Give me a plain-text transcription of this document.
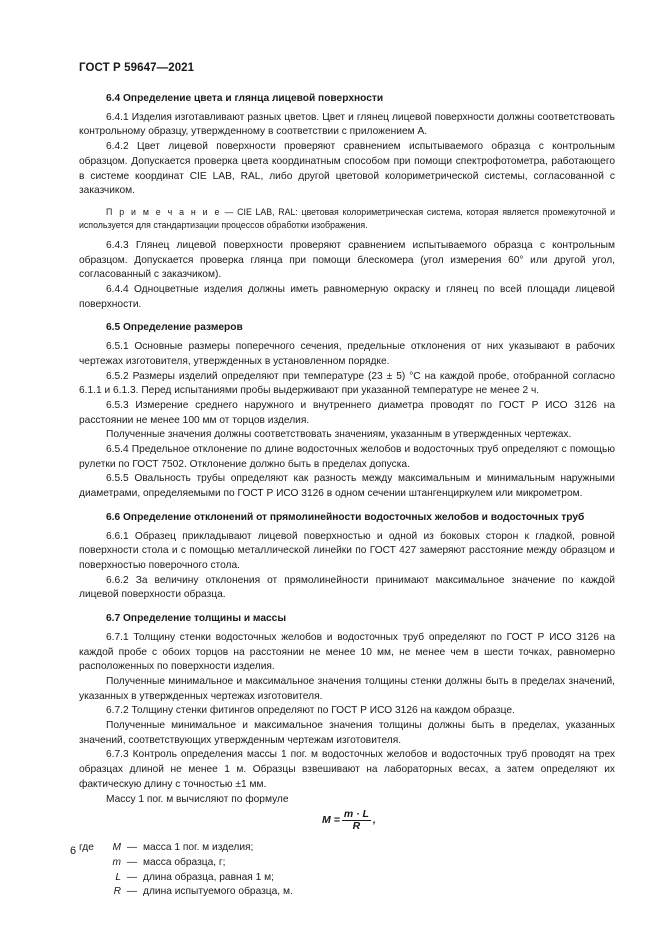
ГОСТ Р 59647—2021

6.4 Определение цвета и глянца лицевой поверхности

6.4.1 Изделия изготавливают разных цветов. Цвет и глянец лицевой поверхности должны соответствовать контрольному образцу, утвержденному в соответствии с приложением А.

6.4.2 Цвет лицевой поверхности проверяют сравнением испытываемого образца с контрольным образцом. Допускается проверка цвета координатным способом при помощи спектрофотометра, работающего в системе координат CIE LAB, RAL, либо другой цветовой колориметрической системы, согласованной с заказчиком.

П р и м е ч а н и е — CIE LAB, RAL: цветовая колориметрическая система, которая является промежуточной и используется для стандартизации процессов обработки изображения.

6.4.3 Глянец лицевой поверхности проверяют сравнением испытываемого образца с контрольным образцом. Допускается проверка глянца при помощи блескомера (угол измерения 60° или другой угол, согласованный с заказчиком).

6.4.4 Одноцветные изделия должны иметь равномерную окраску и глянец по всей площади лицевой поверхности.

6.5 Определение размеров

6.5.1 Основные размеры поперечного сечения, предельные отклонения от них указывают в рабочих чертежах изготовителя, утвержденных в установленном порядке.

6.5.2 Размеры изделий определяют при температуре (23 ± 5) °С на каждой пробе, отобранной согласно 6.1.1 и 6.1.3. Перед испытаниями пробы выдерживают при указанной температуре не менее 2 ч.

6.5.3 Измерение среднего наружного и внутреннего диаметра проводят по ГОСТ Р ИСО 3126 на расстоянии не менее 100 мм от торцов изделия.

Полученные значения должны соответствовать значениям, указанным в утвержденных чертежах.

6.5.4 Предельное отклонение по длине водосточных желобов и водосточных труб определяют с помощью рулетки по ГОСТ 7502. Отклонение должно быть в пределах допуска.

6.5.5 Овальность трубы определяют как разность между максимальным и минимальным наружными диаметрами, определяемыми по ГОСТ Р ИСО 3126 в одном сечении штангенциркулем или микрометром.

6.6 Определение отклонений от прямолинейности водосточных желобов и водосточных труб

6.6.1 Образец прикладывают лицевой поверхностью и одной из боковых сторон к гладкой, ровной поверхности стола и с помощью металлической линейки по ГОСТ 427 замеряют расстояние между образцом и поверхностью поверочного стола.

6.6.2 За величину отклонения от прямолинейности принимают максимальное значение по каждой лицевой поверхности образца.

6.7 Определение толщины и массы

6.7.1 Толщину стенки водосточных желобов и водосточных труб определяют по ГОСТ Р ИСО 3126 на каждой пробе с обоих торцов на расстоянии не менее 10 мм, не менее чем в шести точках, равномерно расположенных по поверхности изделия.

Полученные минимальное и максимальное значения толщины стенки должны быть в пределах значений, указанных в утвержденных чертежах изготовителя.

6.7.2 Толщину стенки фитингов определяют по ГОСТ Р ИСО 3126 на каждом образце.

Полученные минимальное и максимальное значения толщины должны быть в пределах, указанных значений, соответствующих утвержденным чертежам изготовителя.

6.7.3 Контроль определения массы 1 пог. м водосточных желобов и водосточных труб проводят на трех образцах длиной не менее 1 м. Образцы взвешивают на лабораторных весах, а затем определяют их фактическую длину с точностью ±1 мм.

Массу 1 пог. м вычисляют по формуле

$M = \frac{m \cdot L}{R}$ ,
где	M — масса 1 пог. м изделия;
m — масса образца, г;
L — длина образца, равная 1 м;
R — длина испытуемого образца, м.
6
